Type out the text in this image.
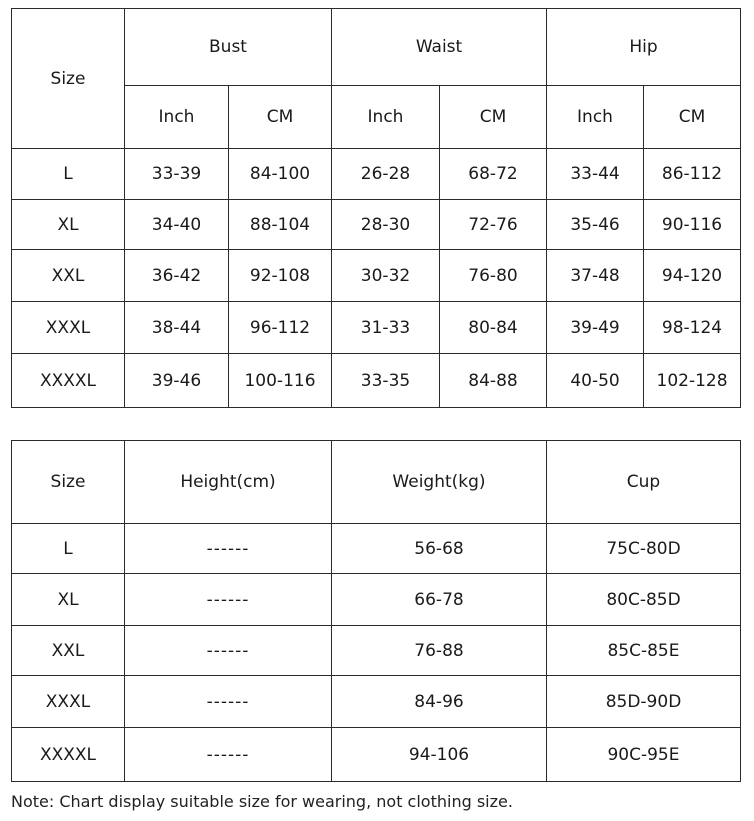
Size	Bust		Waist		Hip	
	Inch	CM	Inch	CM	Inch	CM
L	33-39	84-100	26-28	68-72	33-44	86-112
XL	34-40	88-104	28-30	72-76	35-46	90-116
XXL	36-42	92-108	30-32	76-80	37-48	94-120
XXXL	38-44	96-112	31-33	80-84	39-49	98-124
XXXXL	39-46	100-116	33-35	84-88	40-50	102-128
Size	Height(cm)	Weight(kg)	Cup
L	------	56-68	75C-80D
XL	------	66-78	80C-85D
XXL	------	76-88	85C-85E
XXXL	------	84-96	85D-90D
XXXXL	------	94-106	90C-95E
Note: Chart display suitable size for wearing, not clothing size.
